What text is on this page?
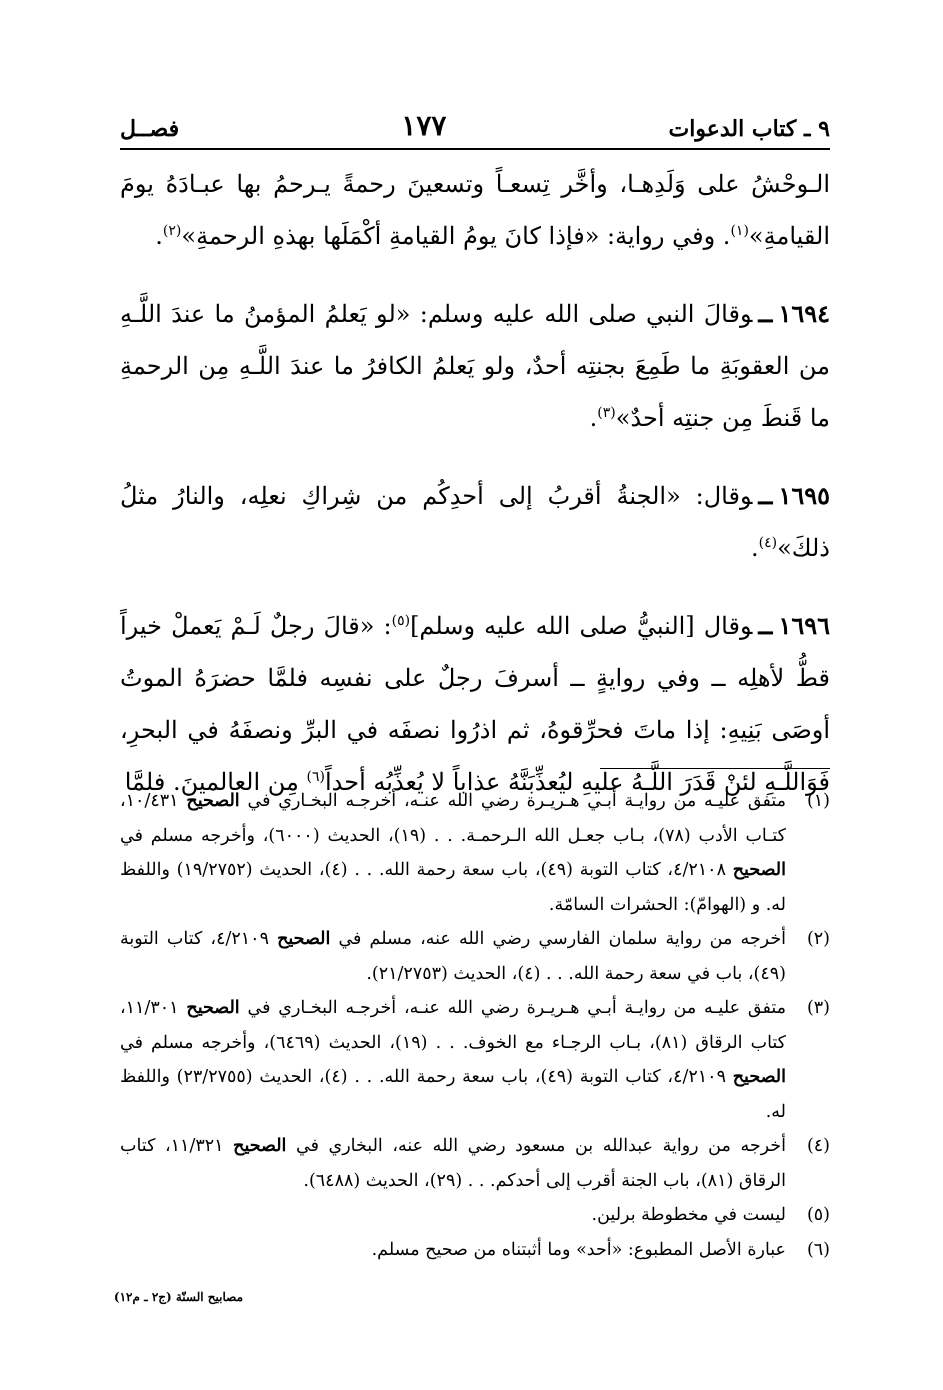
٩ ـ كتاب الدعوات
١٧٧
فصــل

الـوحْشُ على وَلَدِهـا، وأخَّر تِسعـاً وتسعينَ رحمةً يـرحمُ بها عبـادَهُ يومَ القيامةِ»$^{(١)}$. وفي رواية: «فإذا كانَ يومُ القيامةِ أكْمَلَها بهذهِ الرحمةِ»$^{(٢)}$.

١٦٩٤ــوقالَ النبي صلى الله عليه وسلم: «لو يَعلمُ المؤمنُ ما عندَ اللَّـهِ من العقوبَةِ ما طَمِعَ بجنتِه أحدٌ، ولو يَعلمُ الكافرُ ما عندَ اللَّـهِ مِن الرحمةِ ما قَنطَ مِن جنتِه أحدٌ»$^{(٣)}$.

١٦٩٥ــوقال: «الجنةُ أقربُ إلى أحدِكُم من شِراكِ نعلِه، والنارُ مثلُ ذلكَ»$^{(٤)}$.

١٦٩٦ــوقال [النبيُّ صلى الله عليه وسلم]$^{(٥)}$: «قالَ رجلٌ لَـمْ يَعملْ خيراً قطُّ لأهلِه ــ وفي روايةٍ ــ أسرفَ رجلٌ على نفسِه فلمَّا حضرَهُ الموتُ أوصَى بَنِيهِ: إذا ماتَ فحرِّقوهُ، ثم اذرُوا نصفَه في البرِّ ونصفَهُ في البحرِ، فَوَاللَّـهِ لئنْ قَدَرَ اللَّـهُ عليهِ ليُعذِّبَنَّهُ عذاباً لا يُعذِّبُه أحداً$^{(٦)}$ مِن العالمينَ. فلمَّا

(١)
متفق عليـه من روايـة أبـي هـريـرة رضي الله عنـه، أخرجـه البخـاري في الصحيح ١٠/٤٣١، كتـاب الأدب (٧٨)، بـاب جعـل الله الـرحمـة. . . (١٩)، الحديث (٦٠٠٠)، وأخرجه مسلم في الصحيح ٤/٢١٠٨، كتاب التوبة (٤٩)، باب سعة رحمة الله. . . (٤)، الحديث (١٩/٢٧٥٢) واللفظ له. و (الهوامّ): الحشرات السامّة.
(٢)
أخرجه من رواية سلمان الفارسي رضي الله عنه، مسلم في الصحيح ٤/٢١٠٩، كتاب التوبة (٤٩)، باب في سعة رحمة الله. . . (٤)، الحديث (٢١/٢٧٥٣).
(٣)
متفق عليـه من روايـة أبـي هـريـرة رضي الله عنـه، أخرجـه البخـاري في الصحيح ١١/٣٠١، كتاب الرقاق (٨١)، بـاب الرجـاء مع الخوف. . . (١٩)، الحديث (٦٤٦٩)، وأخرجه مسلم في الصحيح ٤/٢١٠٩، كتاب التوبة (٤٩)، باب سعة رحمة الله. . . (٤)، الحديث (٢٣/٢٧٥٥) واللفظ له.
(٤)
أخرجه من رواية عبدالله بن مسعود رضي الله عنه، البخاري في الصحيح ١١/٣٢١، كتاب الرقاق (٨١)، باب الجنة أقرب إلى أحدكم. . . (٢٩)، الحديث (٦٤٨٨).
(٥)
ليست في مخطوطة برلين.
(٦)
عبارة الأصل المطبوع: «أحد» وما أثبتناه من صحيح مسلم.
مصابيح السنّة (ج٢ ـ م١٢)
